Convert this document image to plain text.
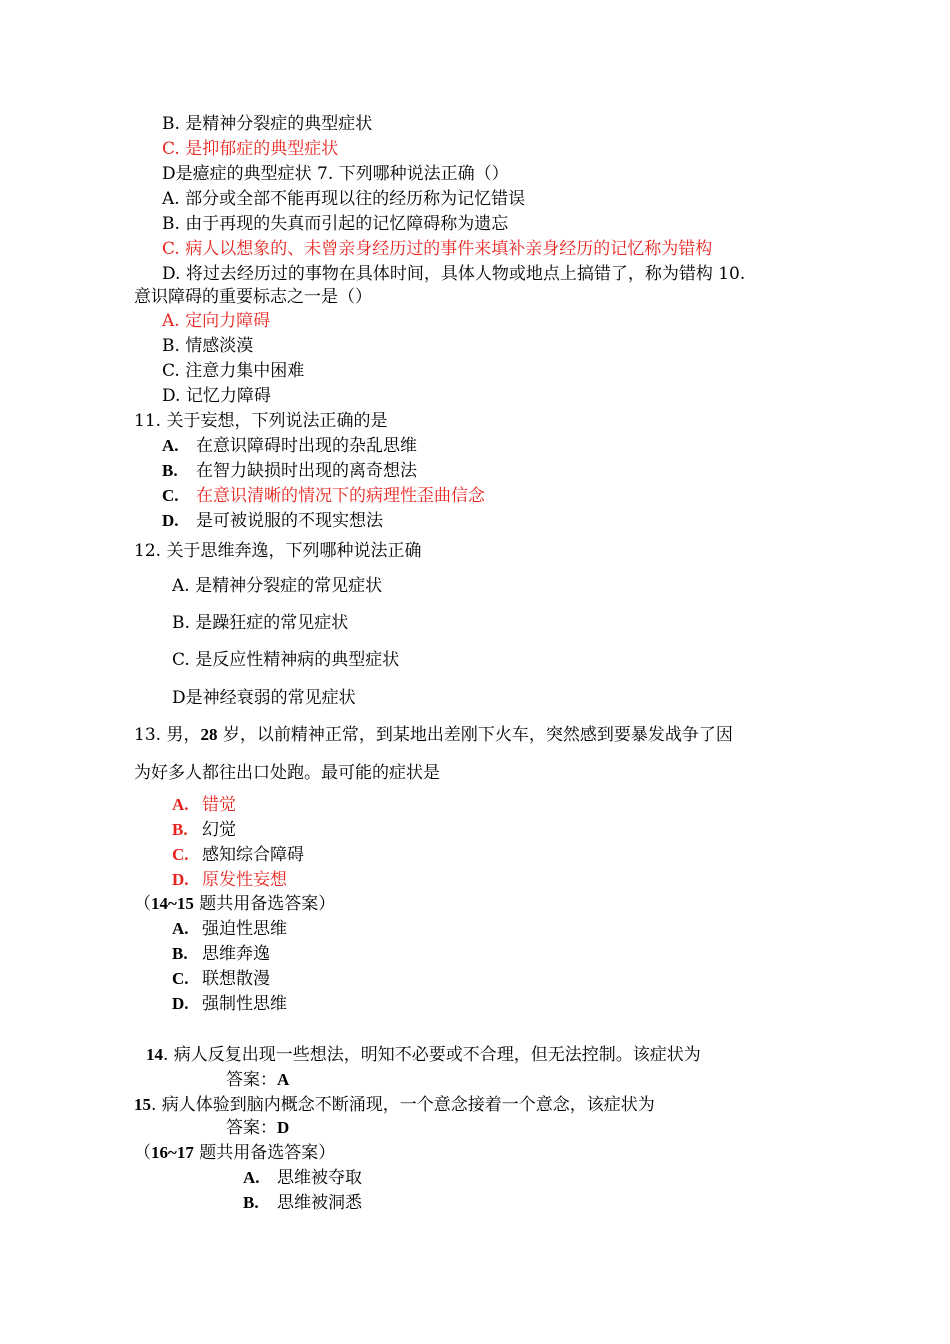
B. 是精神分裂症的典型症状
C. 是抑郁症的典型症状
D是癔症的典型症状 7. 下列哪种说法正确（）
A. 部分或全部不能再现以往的经历称为记忆错误
B. 由于再现的失真而引起的记忆障碍称为遗忘
C. 病人以想象的、未曾亲身经历过的事件来填补亲身经历的记忆称为错构
D. 将过去经历过的事物在具体时间，具体人物或地点上搞错了，称为错构 10.
意识障碍的重要标志之一是（）
A. 定向力障碍
B. 情感淡漠
C. 注意力集中困难
D. 记忆力障碍
11. 关于妄想，下列说法正确的是
A. 在意识障碍时出现的杂乱思维
B. 在智力缺损时出现的离奇想法
C. 在意识清晰的情况下的病理性歪曲信念
D. 是可被说服的不现实想法
12. 关于思维奔逸，下列哪种说法正确
A. 是精神分裂症的常见症状
B. 是躁狂症的常见症状
C. 是反应性精神病的典型症状
D是神经衰弱的常见症状
13. 男，28 岁，以前精神正常，到某地出差刚下火车，突然感到要暴发战争了因
为好多人都往出口处跑。最可能的症状是
A. 错觉
B. 幻觉
C. 感知综合障碍
D. 原发性妄想
（14~15 题共用备选答案）
A. 强迫性思维
B. 思维奔逸
C. 联想散漫
D. 强制性思维
14. 病人反复出现一些想法，明知不必要或不合理，但无法控制。该症状为
答案：A
15. 病人体验到脑内概念不断涌现，一个意念接着一个意念，该症状为
答案：D
（16~17 题共用备选答案）
A. 思维被夺取
B. 思维被洞悉
